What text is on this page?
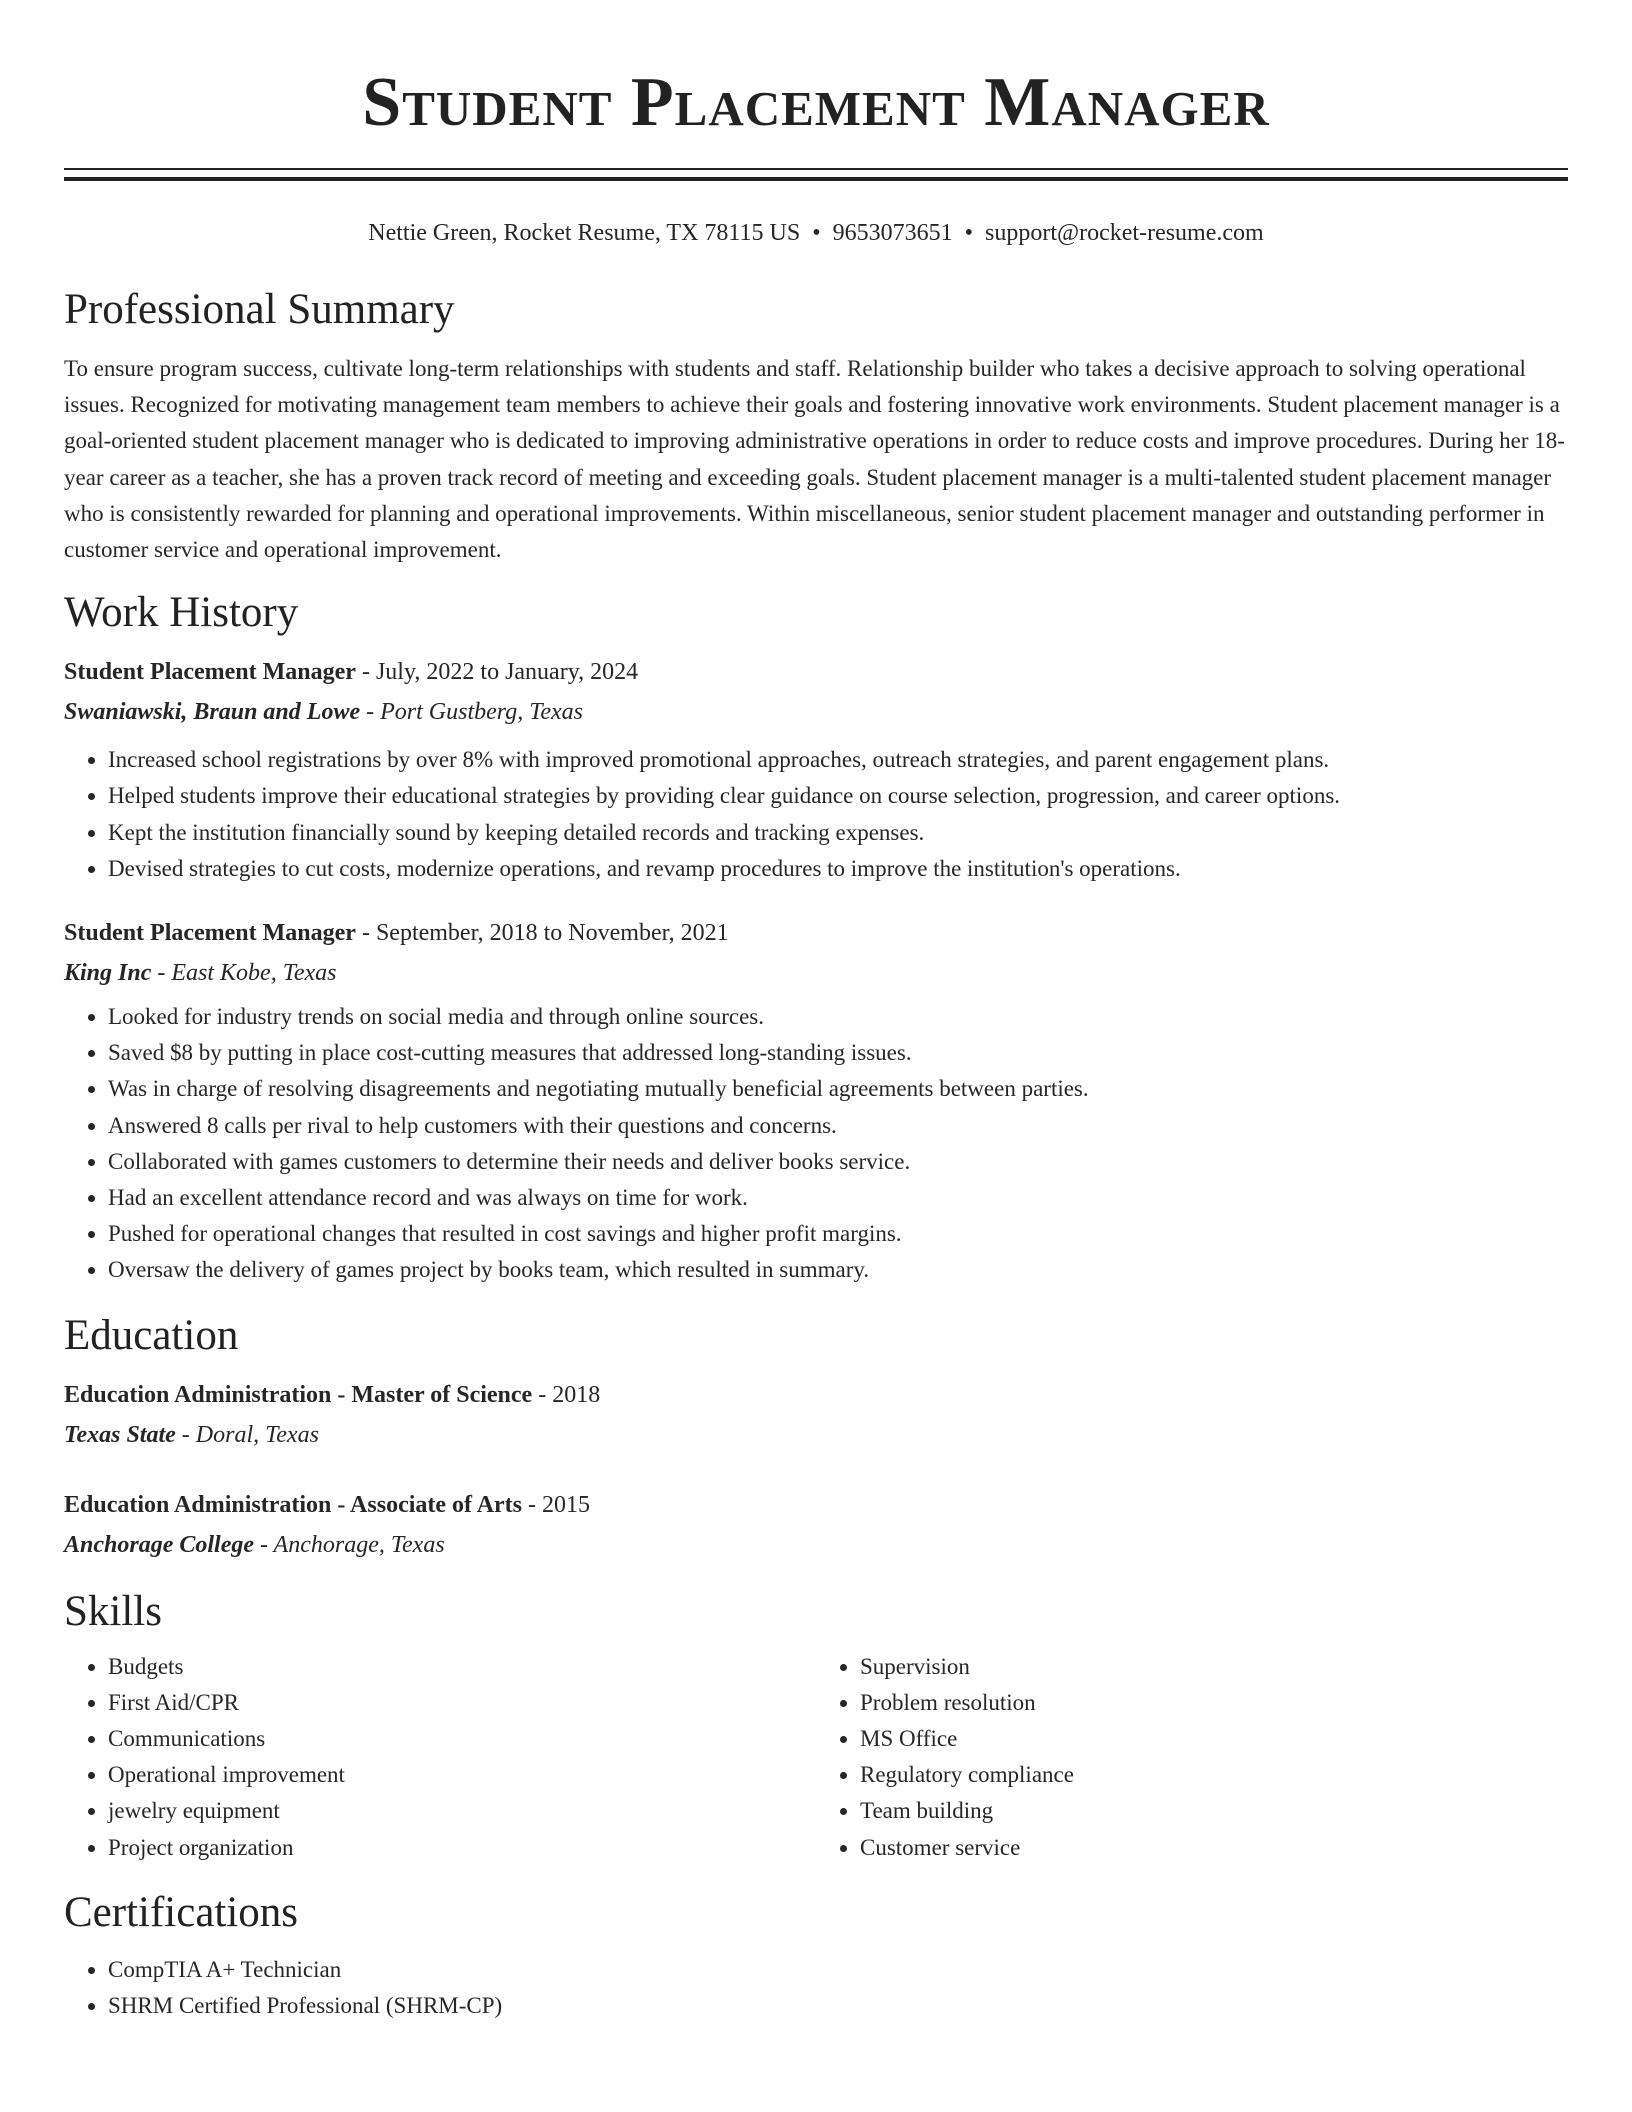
Student Placement Manager
Nettie Green, Rocket Resume, TX 78115 US • 9653073651 • support@rocket-resume.com
Professional Summary

To ensure program success, cultivate long-term relationships with students and staff. Relationship builder who takes a decisive approach to solving operational issues. Recognized for motivating management team members to achieve their goals and fostering innovative work environments. Student placement manager is a goal-oriented student placement manager who is dedicated to improving administrative operations in order to reduce costs and improve procedures. During her 18-year career as a teacher, she has a proven track record of meeting and exceeding goals. Student placement manager is a multi-talented student placement manager who is consistently rewarded for planning and operational improvements. Within miscellaneous, senior student placement manager and outstanding performer in customer service and operational improvement.

Work History
Student Placement Manager - July, 2022 to January, 2024
Swaniawski, Braun and Lowe - Port Gustberg, Texas
• Increased school registrations by over 8% with improved promotional approaches, outreach strategies, and parent engagement plans.
• Helped students improve their educational strategies by providing clear guidance on course selection, progression, and career options.
• Kept the institution financially sound by keeping detailed records and tracking expenses.
• Devised strategies to cut costs, modernize operations, and revamp procedures to improve the institution's operations.
Student Placement Manager - September, 2018 to November, 2021
King Inc - East Kobe, Texas
• Looked for industry trends on social media and through online sources.
• Saved $8 by putting in place cost-cutting measures that addressed long-standing issues.
• Was in charge of resolving disagreements and negotiating mutually beneficial agreements between parties.
• Answered 8 calls per rival to help customers with their questions and concerns.
• Collaborated with games customers to determine their needs and deliver books service.
• Had an excellent attendance record and was always on time for work.
• Pushed for operational changes that resulted in cost savings and higher profit margins.
• Oversaw the delivery of games project by books team, which resulted in summary.
Education
Education Administration - Master of Science - 2018
Texas State - Doral, Texas
Education Administration - Associate of Arts - 2015
Anchorage College - Anchorage, Texas
Skills
• Budgets
• First Aid/CPR
• Communications
• Operational improvement
• jewelry equipment
• Project organization
• Supervision
• Problem resolution
• MS Office
• Regulatory compliance
• Team building
• Customer service
Certifications
• CompTIA A+ Technician
• SHRM Certified Professional (SHRM-CP)
